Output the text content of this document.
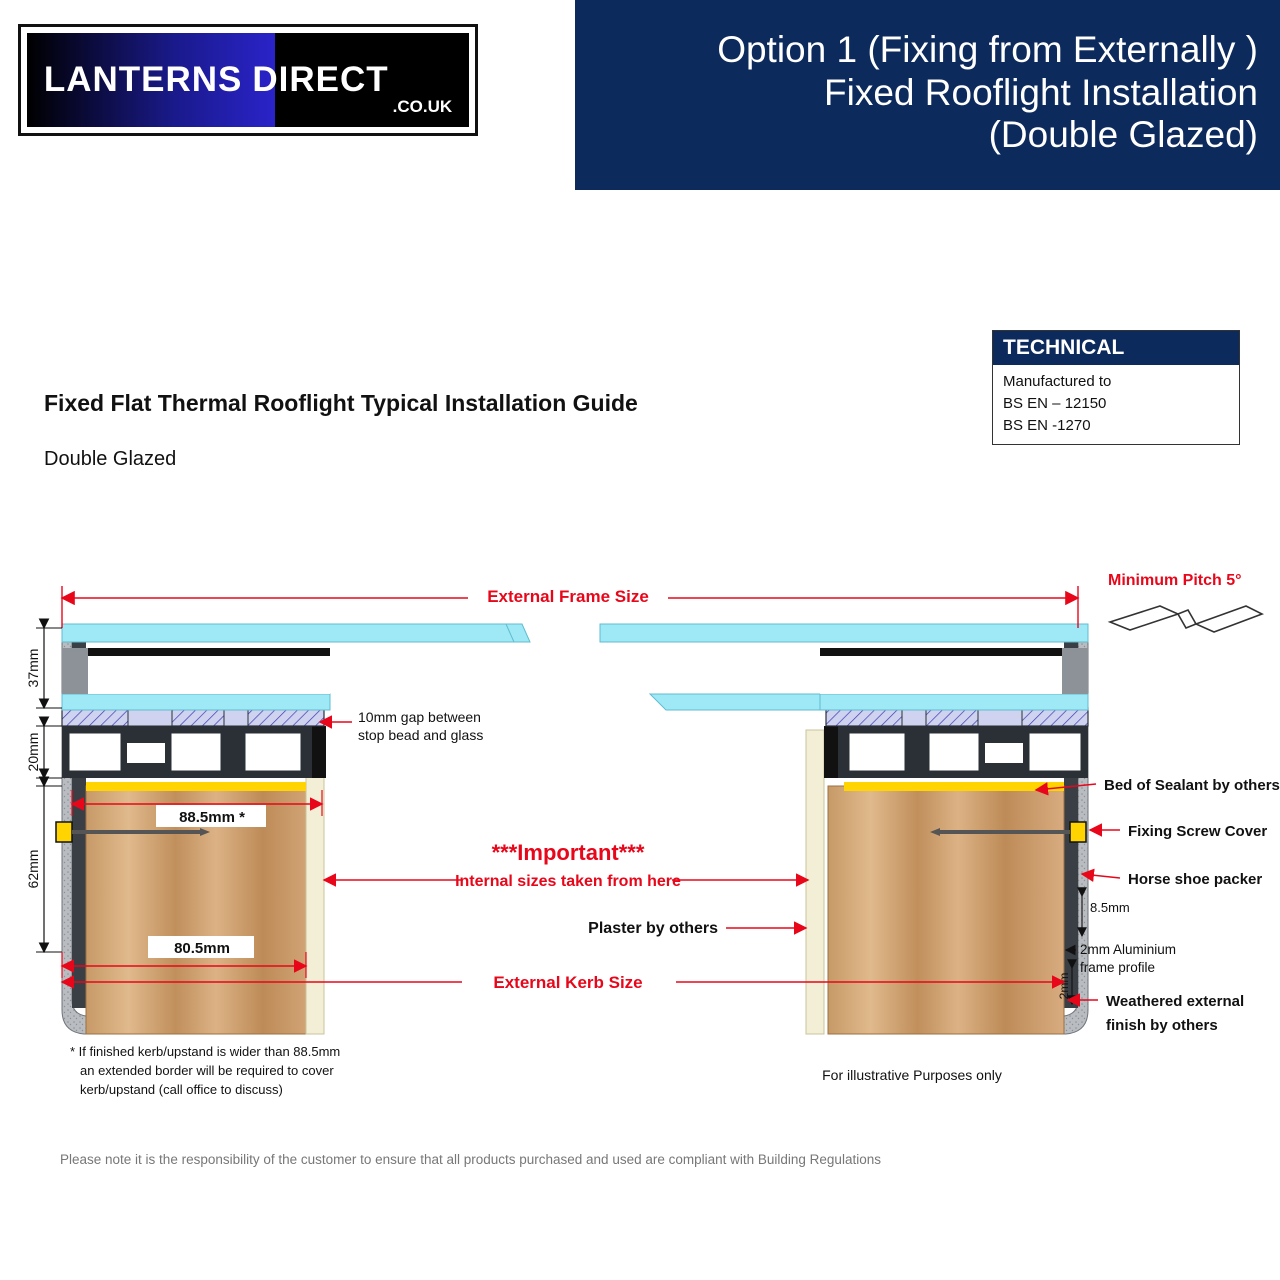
LANTERNS DIRECT
.CO.UK
Option 1 (Fixing from Externally )
Fixed Rooflight Installation
(Double Glazed)
Fixed Flat Thermal Rooflight Typical Installation Guide
Double Glazed
TECHNICAL
Manufactured to
BS EN – 12150
BS EN -1270
External Frame Size
37mm
20mm
62mm
88.5mm *
80.5mm
8.5mm
2mm
10mm gap between
stop bead and glass
***Important***
Internal sizes taken from here
Plaster by others
External Kerb Size
Bed of Sealant by others
Fixing Screw Cover
Horse shoe packer
2mm Aluminium
frame profile
Weathered external
finish by others
Minimum Pitch 5°
For illustrative Purposes only
* If finished kerb/upstand is wider than 88.5mm
an extended border will be required to cover
kerb/upstand (call office to discuss)
Please note it is the responsibility of the customer to ensure that all products purchased and used are compliant with Building Regulations
